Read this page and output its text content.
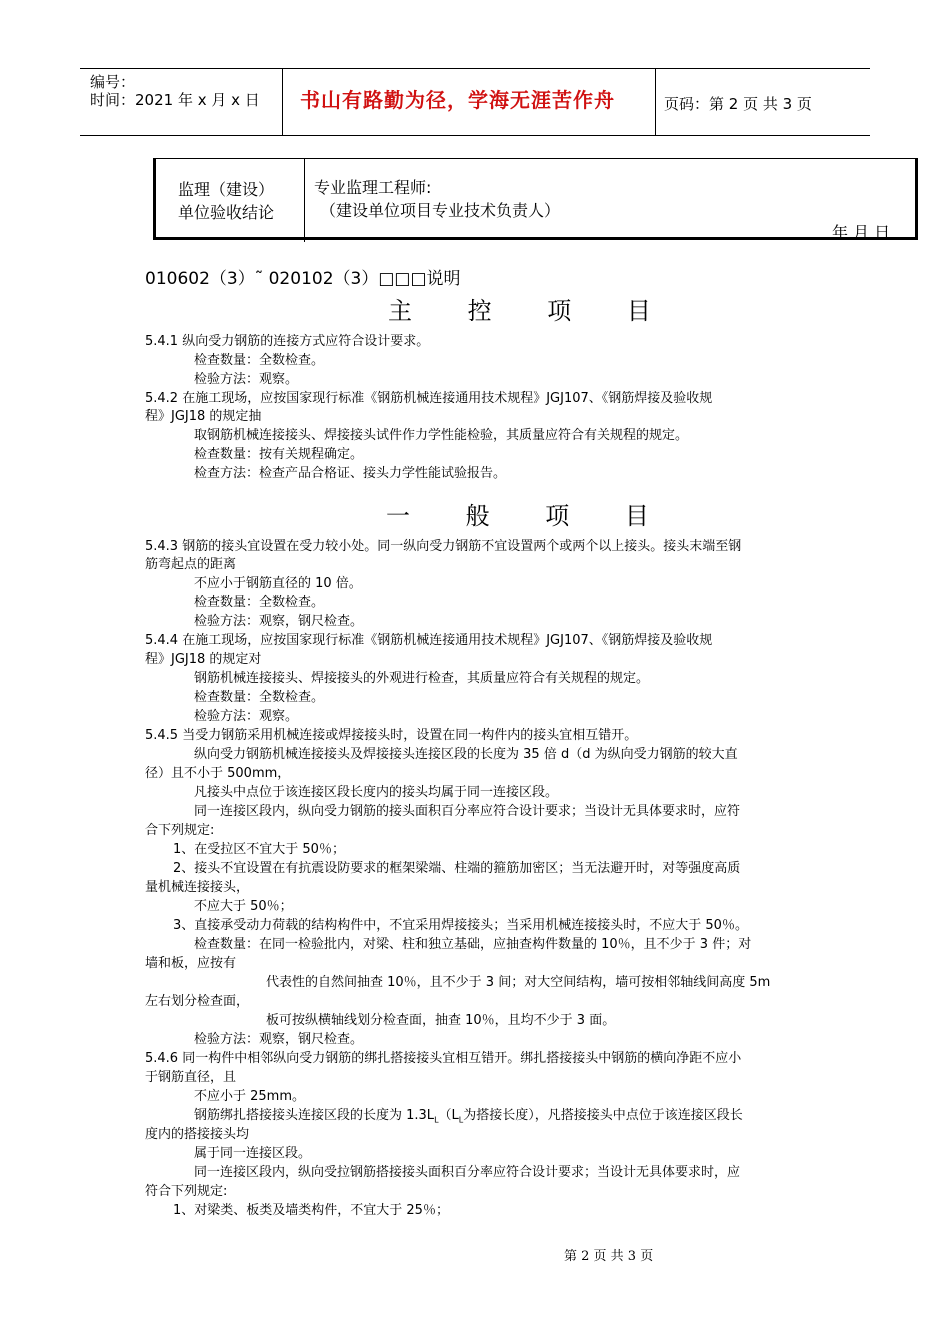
编号：
时间：2021 年 x 月 x 日 书山有路勤为径，学海无涯苦作舟	页码：第 2 页 共 3 页
监理（建设）
单位验收结论
专业监理工程师:
（建设单位项目专业技术负责人）
年 月 日
010602（3）˜ 020102（3）□□□说明
主 控 项 目
5.4.1 纵向受力钢筋的连接方式应符合设计要求。
检查数量：全数检查。
检验方法：观察。
5.4.2 在施工现场，应按国家现行标准《钢筋机械连接通用技术规程》JGJ107、《钢筋焊接及验收规
程》JGJ18 的规定抽
取钢筋机械连接接头、焊接接头试件作力学性能检验，其质量应符合有关规程的规定。
检查数量：按有关规程确定。
检查方法：检查产品合格证、接头力学性能试验报告。
一 般 项 目
5.4.3 钢筋的接头宜设置在受力较小处。同一纵向受力钢筋不宜设置两个或两个以上接头。接头末端至钢
筋弯起点的距离
不应小于钢筋直径的 10 倍。
检查数量：全数检查。
检验方法：观察，钢尺检查。
5.4.4 在施工现场，应按国家现行标准《钢筋机械连接通用技术规程》JGJ107、《钢筋焊接及验收规
程》JGJ18 的规定对
钢筋机械连接接头、焊接接头的外观进行检查，其质量应符合有关规程的规定。
检查数量：全数检查。
检验方法：观察。
5.4.5 当受力钢筋采用机械连接或焊接接头时，设置在同一构件内的接头宜相互错开。
纵向受力钢筋机械连接接头及焊接接头连接区段的长度为 35 倍 d（d 为纵向受力钢筋的较大直
径）且不小于 500mm，
凡接头中点位于该连接区段长度内的接头均属于同一连接区段。
同一连接区段内，纵向受力钢筋的接头面积百分率应符合设计要求；当设计无具体要求时，应符
合下列规定:
1、在受拉区不宜大于 50％；
2、接头不宜设置在有抗震设防要求的框架梁端、柱端的箍筋加密区；当无法避开时，对等强度高质
量机械连接接头，
不应大于 50％；
3、直接承受动力荷载的结构构件中，不宜采用焊接接头；当采用机械连接接头时，不应大于 50％。
检查数量：在同一检验批内，对梁、柱和独立基础，应抽查构件数量的 10％，且不少于 3 件；对
墙和板，应按有
代表性的自然间抽查 10％，且不少于 3 间；对大空间结构，墙可按相邻轴线间高度 5m
左右划分检查面，
板可按纵横轴线划分检查面，抽查 10％，且均不少于 3 面。
检验方法：观察，钢尺检查。
5.4.6 同一构件中相邻纵向受力钢筋的绑扎搭接接头宜相互错开。绑扎搭接接头中钢筋的横向净距不应小
于钢筋直径，且
不应小于 25mm。
钢筋绑扎搭接接头连接区段的长度为 $1.3L_L(L_L$为搭接长度），凡搭接接头中点位于该连接区段长
度内的搭接接头均
属于同一连接区段。
同一连接区段内，纵向受拉钢筋搭接接头面积百分率应符合设计要求；当设计无具体要求时，应
符合下列规定:
1、对梁类、板类及墙类构件，不宜大于 25％；
第 2 页 共 3 页
